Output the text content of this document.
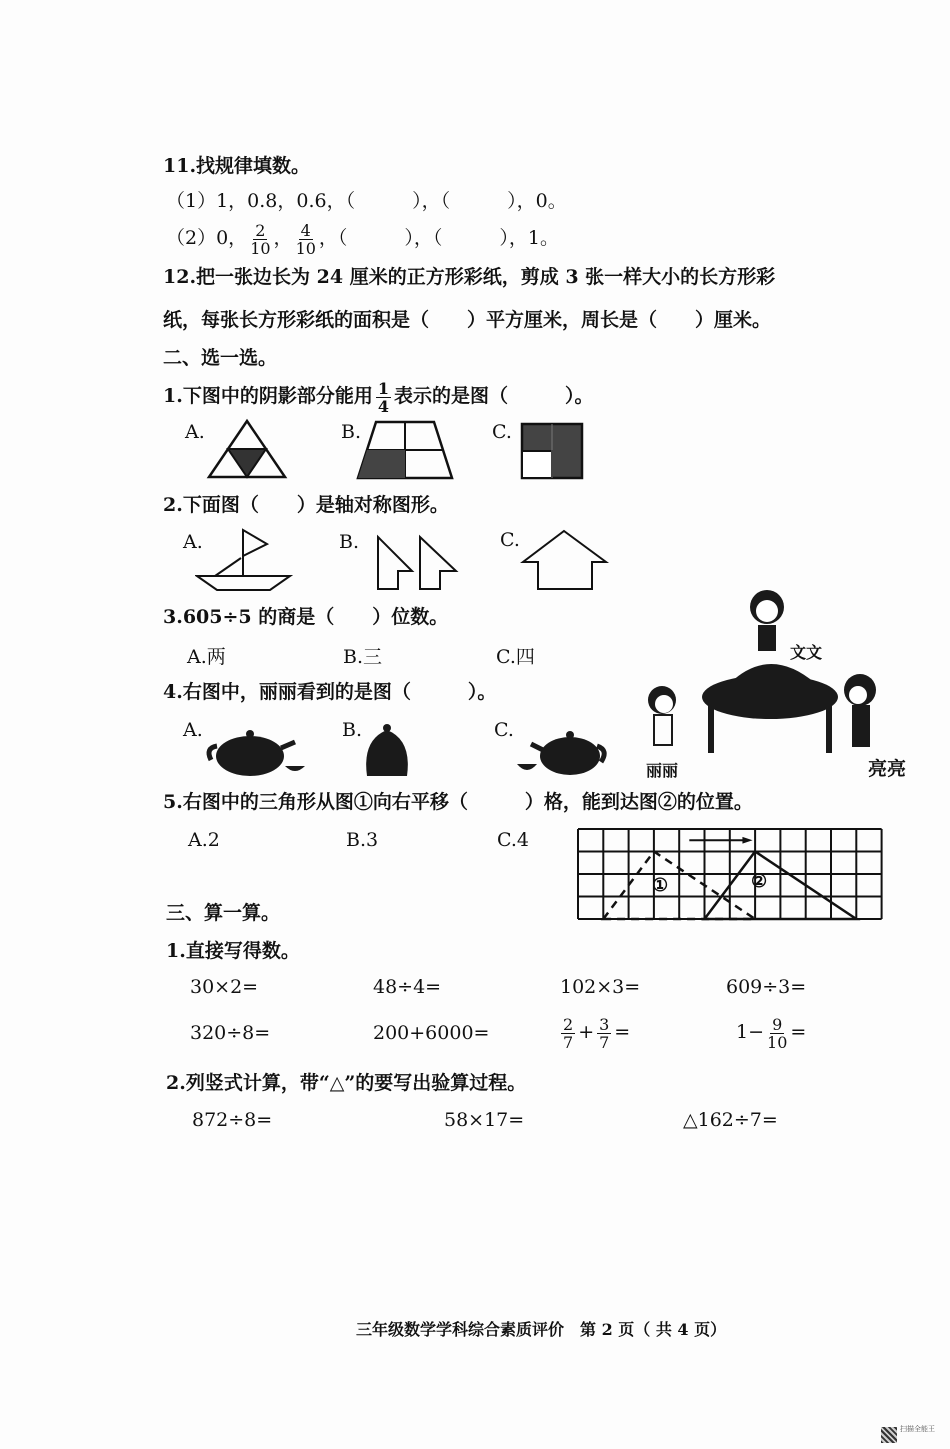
11.找规律填数。
（1）1，0.8，0.6，（　　　），（　　　），0。
（2）0， $\frac{2}{10}$ ， $\frac{4}{10}$ ，（　　　），（　　　），1。
12.把一张边长为 24 厘米的正方形彩纸，剪成 3 张一样大小的长方形彩
纸，每张长方形彩纸的面积是（　　）平方厘米，周长是（　　）厘米。
二、选一选。
1.下图中的阴影部分能用 $\frac{1}{4}$ 表示的是图（　　　）。
A.	B.	C.
2.下面图（　　）是轴对称图形。
A.	B.	C.
3.605÷5 的商是（　　）位数。
A.两	B.三	C.四
4.右图中，丽丽看到的是图（　　　）。
A.	B.	C.
文文
丽丽	亮亮
5.右图中的三角形从图①向右平移（　　　）格，能到达图②的位置。
A.2	B.3	C.4
①	②
三、算一算。
1.直接写得数。
30×2=	48÷4=	102×3=	609÷3=
320÷8=	200+6000=	$\frac{2}{7} + \frac{3}{7}$ =	$1- \frac{9}{10}$ =
2.列竖式计算，带“△”的要写出验算过程。
872÷8=	58×17=	△162÷7=
三年级数学学科综合素质评价　第 2 页（ 共 4 页）
扫描全能王
